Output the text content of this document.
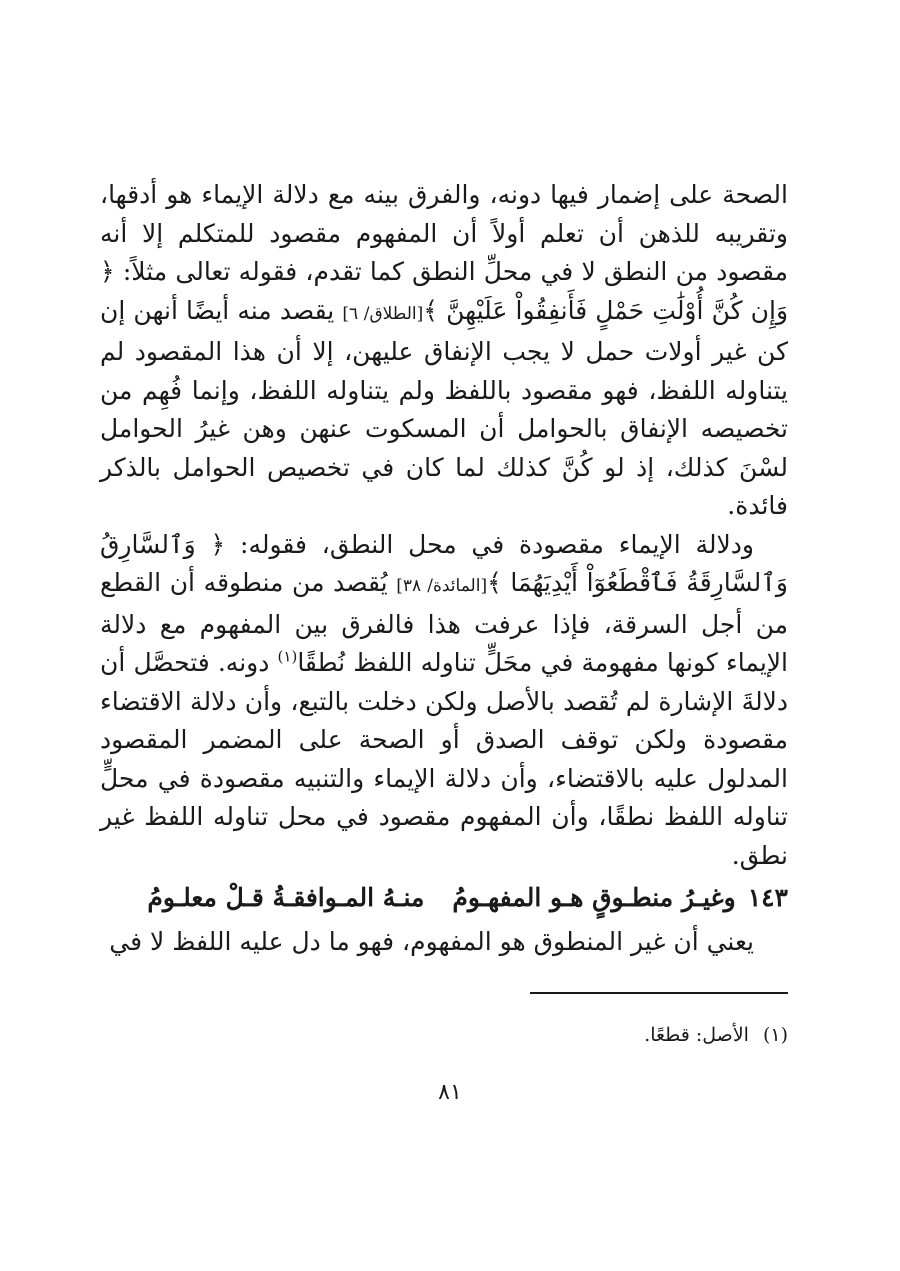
الصحة على إضمار فيها دونه، والفرق بينه مع دلالة الإيماء هو أدقها، وتقريبه للذهن أن تعلم أولاً أن المفهوم مقصود للمتكلم إلا أنه مقصود من النطق لا في محلِّ النطق كما تقدم، فقوله تعالى مثلاً: ﴿ وَإِن كُنَّ أُوْلَٰتِ حَمْلٍ فَأَنفِقُواْ عَلَيْهِنَّ ﴾[الطلاق/ ٦] يقصد منه أيضًا أنهن إن كن غير أولات حمل لا يجب الإنفاق عليهن، إلا أن هذا المقصود لم يتناوله اللفظ، فهو مقصود باللفظ ولم يتناوله اللفظ، وإنما فُهِم من تخصيصه الإنفاق بالحوامل أن المسكوت عنهن وهن غيرُ الحوامل لسْنَ كذلك، إذ لو كُنَّ كذلك لما كان في تخصيص الحوامل بالذكر فائدة.

ودلالة الإيماء مقصودة في محل النطق، فقوله: ﴿ وَٱلسَّارِقُ وَٱلسَّارِقَةُ فَٱقْطَعُوٓاْ أَيْدِيَهُمَا ﴾[المائدة/ ٣٨] يُقصد من منطوقه أن القطع من أجل السرقة، فإذا عرفت هذا فالفرق بين المفهوم مع دلالة الإيماء كونها مفهومة في محَلٍّ تناوله اللفظ نُطقًا$^{(١)}$ دونه. فتحصَّل أن دلالةَ الإشارة لم تُقصد بالأصل ولكن دخلت بالتبع، وأن دلالة الاقتضاء مقصودة ولكن توقف الصدق أو الصحة على المضمر المقصود المدلول عليه بالاقتضاء، وأن دلالة الإيماء والتنبيه مقصودة في محلٍّ تناوله اللفظ نطقًا، وأن المفهوم مقصود في محل تناوله اللفظ غير نطق.

١٤٣وغيـرُ منطـوقٍ هـو المفهـومُمنـهُ المـوافقـةُ قـلْ معلـومُ

يعني أن غير المنطوق هو المفهوم، فهو ما دل عليه اللفظ لا في

(١)الأصل: قطعًا.
٨١
